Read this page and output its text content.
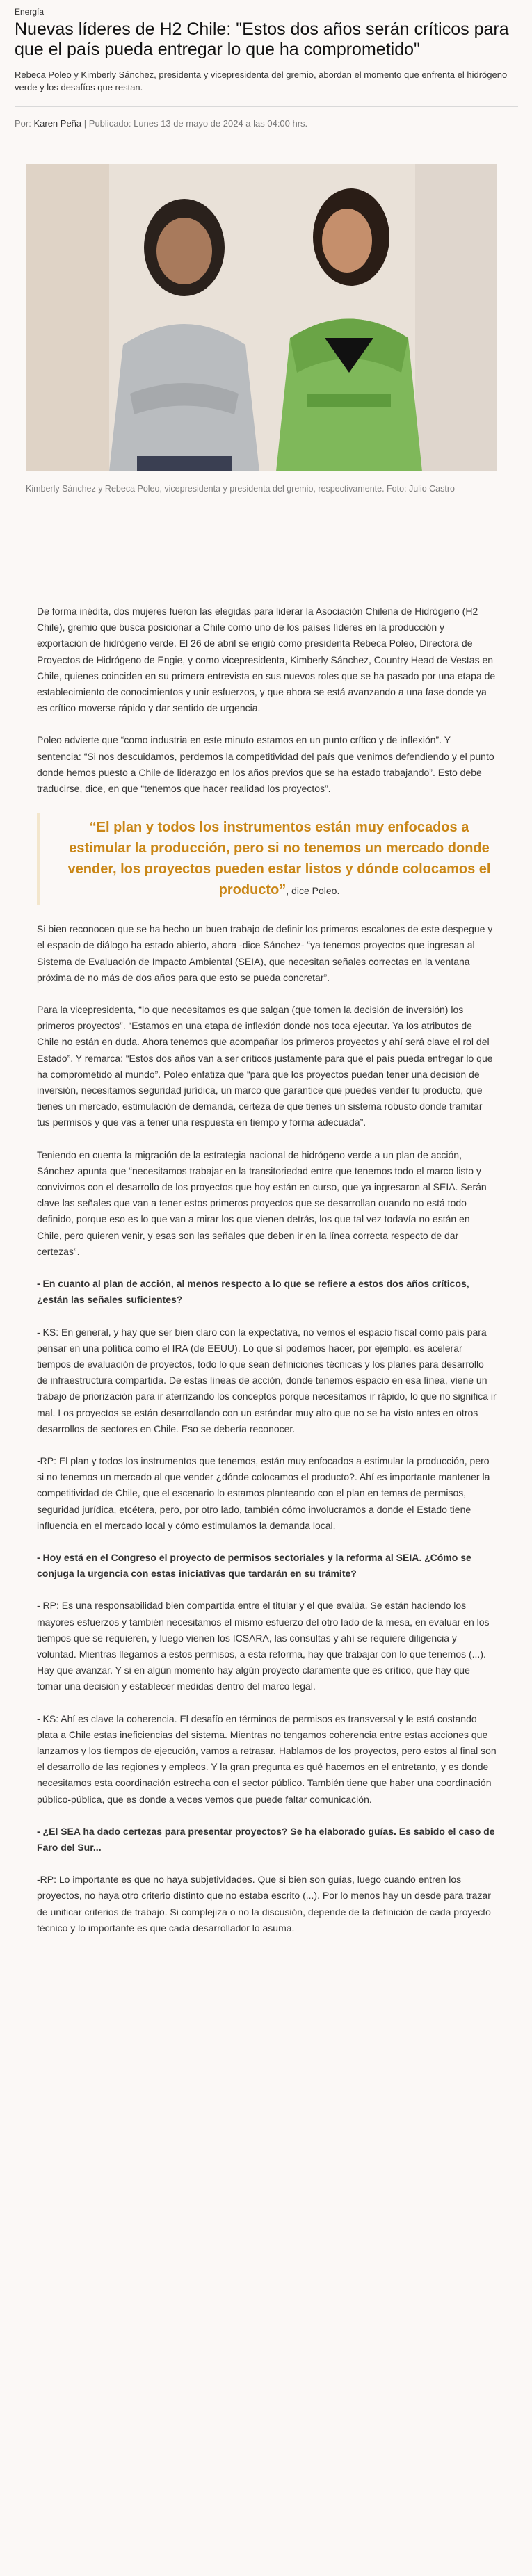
Energía
Nuevas líderes de H2 Chile: "Estos dos años serán críticos para que el país pueda entregar lo que ha comprometido"

Rebeca Poleo y Kimberly Sánchez, presidenta y vicepresidenta del gremio, abordan el momento que enfrenta el hidrógeno verde y los desafíos que restan.

Por: Karen Peña | Publicado: Lunes 13 de mayo de 2024 a las 04:00 hrs.
Kimberly Sánchez y Rebeca Poleo, vicepresidenta y presidenta del gremio, respectivamente. Foto: Julio Castro

De forma inédita, dos mujeres fueron las elegidas para liderar la Asociación Chilena de Hidrógeno (H2 Chile), gremio que busca posicionar a Chile como uno de los países líderes en la producción y exportación de hidrógeno verde. El 26 de abril se erigió como presidenta Rebeca Poleo, Directora de Proyectos de Hidrógeno de Engie, y como vicepresidenta, Kimberly Sánchez, Country Head de Vestas en Chile, quienes coinciden en su primera entrevista en sus nuevos roles que se ha pasado por una etapa de establecimiento de conocimientos y unir esfuerzos, y que ahora se está avanzando a una fase donde ya es crítico moverse rápido y dar sentido de urgencia.

Poleo advierte que “como industria en este minuto estamos en un punto crítico y de inflexión”. Y sentencia: “Si nos descuidamos, perdemos la competitividad del país que venimos defendiendo y el punto donde hemos puesto a Chile de liderazgo en los años previos que se ha estado trabajando”. Esto debe traducirse, dice, en que “tenemos que hacer realidad los proyectos”.

“El plan y todos los instrumentos están muy enfocados a estimular la producción, pero si no tenemos un mercado donde vender, los proyectos pueden estar listos y dónde colocamos el producto”, dice Poleo.

Si bien reconocen que se ha hecho un buen trabajo de definir los primeros escalones de este despegue y el espacio de diálogo ha estado abierto, ahora -dice Sánchez- “ya tenemos proyectos que ingresan al Sistema de Evaluación de Impacto Ambiental (SEIA), que necesitan señales correctas en la ventana próxima de no más de dos años para que esto se pueda concretar”.

Para la vicepresidenta, “lo que necesitamos es que salgan (que tomen la decisión de inversión) los primeros proyectos”. “Estamos en una etapa de inflexión donde nos toca ejecutar. Ya los atributos de Chile no están en duda. Ahora tenemos que acompañar los primeros proyectos y ahí será clave el rol del Estado”. Y remarca: “Estos dos años van a ser críticos justamente para que el país pueda entregar lo que ha comprometido al mundo”. Poleo enfatiza que “para que los proyectos puedan tener una decisión de inversión, necesitamos seguridad jurídica, un marco que garantice que puedes vender tu producto, que tienes un mercado, estimulación de demanda, certeza de que tienes un sistema robusto donde tramitar tus permisos y que vas a tener una respuesta en tiempo y forma adecuada”.

Teniendo en cuenta la migración de la estrategia nacional de hidrógeno verde a un plan de acción, Sánchez apunta que “necesitamos trabajar en la transitoriedad entre que tenemos todo el marco listo y convivimos con el desarrollo de los proyectos que hoy están en curso, que ya ingresaron al SEIA. Serán clave las señales que van a tener estos primeros proyectos que se desarrollan cuando no está todo definido, porque eso es lo que van a mirar los que vienen detrás, los que tal vez todavía no están en Chile, pero quieren venir, y esas son las señales que deben ir en la línea correcta respecto de dar certezas”.

- En cuanto al plan de acción, al menos respecto a lo que se refiere a estos dos años críticos, ¿están las señales suficientes?

- KS: En general, y hay que ser bien claro con la expectativa, no vemos el espacio fiscal como país para pensar en una política como el IRA (de EEUU). Lo que sí podemos hacer, por ejemplo, es acelerar tiempos de evaluación de proyectos, todo lo que sean definiciones técnicas y los planes para desarrollo de infraestructura compartida. De estas líneas de acción, donde tenemos espacio en esa línea, viene un trabajo de priorización para ir aterrizando los conceptos porque necesitamos ir rápido, lo que no significa ir mal. Los proyectos se están desarrollando con un estándar muy alto que no se ha visto antes en otros desarrollos de sectores en Chile. Eso se debería reconocer.

-RP: El plan y todos los instrumentos que tenemos, están muy enfocados a estimular la producción, pero si no tenemos un mercado al que vender ¿dónde colocamos el producto?. Ahí es importante mantener la competitividad de Chile, que el escenario lo estamos planteando con el plan en temas de permisos, seguridad jurídica, etcétera, pero, por otro lado, también cómo involucramos a donde el Estado tiene influencia en el mercado local y cómo estimulamos la demanda local.

- Hoy está en el Congreso el proyecto de permisos sectoriales y la reforma al SEIA. ¿Cómo se conjuga la urgencia con estas iniciativas que tardarán en su trámite?

- RP: Es una responsabilidad bien compartida entre el titular y el que evalúa. Se están haciendo los mayores esfuerzos y también necesitamos el mismo esfuerzo del otro lado de la mesa, en evaluar en los tiempos que se requieren, y luego vienen los ICSARA, las consultas y ahí se requiere diligencia y voluntad. Mientras llegamos a estos permisos, a esta reforma, hay que trabajar con lo que tenemos (...). Hay que avanzar. Y si en algún momento hay algún proyecto claramente que es crítico, que hay que tomar una decisión y establecer medidas dentro del marco legal.

- KS: Ahí es clave la coherencia. El desafío en términos de permisos es transversal y le está costando plata a Chile estas ineficiencias del sistema. Mientras no tengamos coherencia entre estas acciones que lanzamos y los tiempos de ejecución, vamos a retrasar. Hablamos de los proyectos, pero estos al final son el desarrollo de las regiones y empleos. Y la gran pregunta es qué hacemos en el entretanto, y es donde necesitamos esta coordinación estrecha con el sector público. También tiene que haber una coordinación público-pública, que es donde a veces vemos que puede faltar comunicación.

- ¿El SEA ha dado certezas para presentar proyectos? Se ha elaborado guías. Es sabido el caso de Faro del Sur...

-RP: Lo importante es que no haya subjetividades. Que si bien son guías, luego cuando entren los proyectos, no haya otro criterio distinto que no estaba escrito (...). Por lo menos hay un desde para trazar de unificar criterios de trabajo. Si complejiza o no la discusión, depende de la definición de cada proyecto técnico y lo importante es que cada desarrollador lo asuma.
